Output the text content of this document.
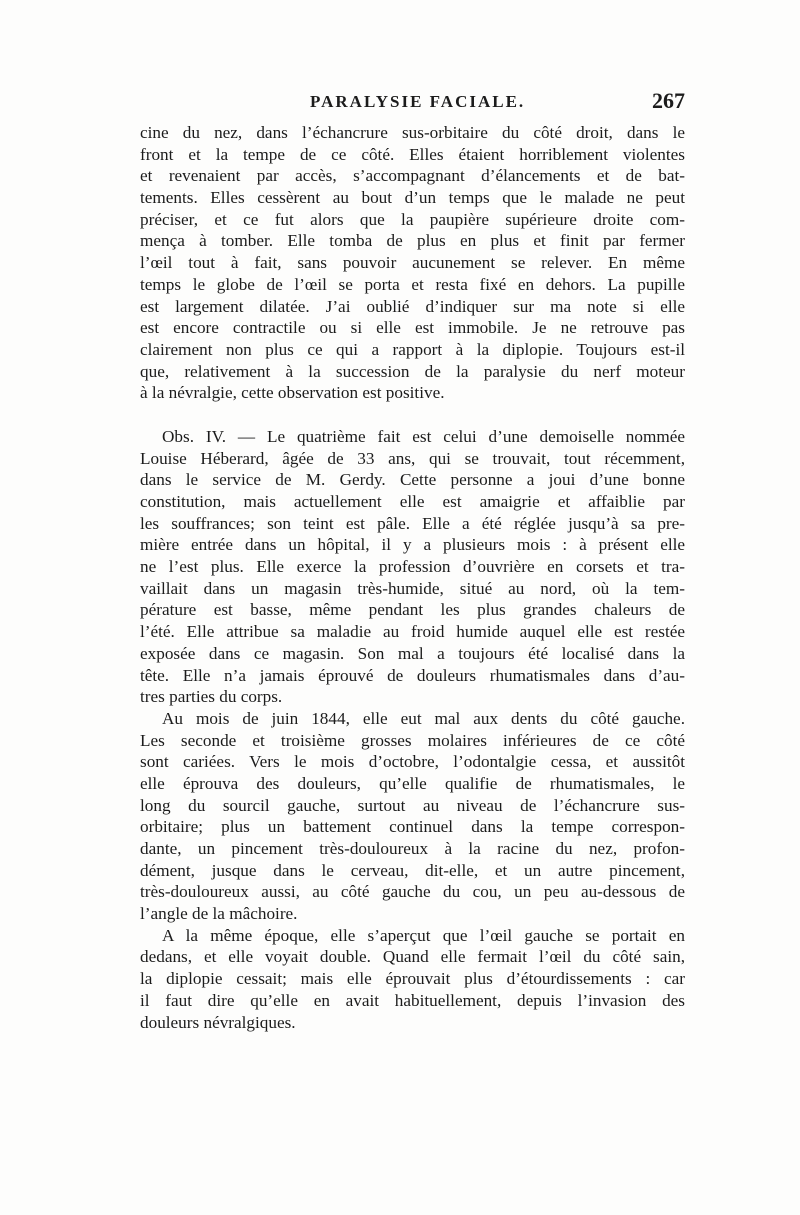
PARALYSIE FACIALE.	267
cine du nez, dans l’échancrure sus-orbitaire du côté droit, dans le
front et la tempe de ce côté. Elles étaient horriblement violentes
et revenaient par accès, s’accompagnant d’élancements et de bat-
tements. Elles cessèrent au bout d’un temps que le malade ne peut
préciser, et ce fut alors que la paupière supérieure droite com-
mença à tomber. Elle tomba de plus en plus et finit par fermer
l’œil tout à fait, sans pouvoir aucunement se relever. En même
temps le globe de l’œil se porta et resta fixé en dehors. La pupille
est largement dilatée. J’ai oublié d’indiquer sur ma note si elle
est encore contractile ou si elle est immobile. Je ne retrouve pas
clairement non plus ce qui a rapport à la diplopie. Toujours est-il
que, relativement à la succession de la paralysie du nerf moteur
à la névralgie, cette observation est positive.
Obs. IV. — Le quatrième fait est celui d’une demoiselle nommée
Louise Héberard, âgée de 33 ans, qui se trouvait, tout récemment,
dans le service de M. Gerdy. Cette personne a joui d’une bonne
constitution, mais actuellement elle est amaigrie et affaiblie par
les souffrances; son teint est pâle. Elle a été réglée jusqu’à sa pre-
mière entrée dans un hôpital, il y a plusieurs mois : à présent elle
ne l’est plus. Elle exerce la profession d’ouvrière en corsets et tra-
vaillait dans un magasin très-humide, situé au nord, où la tem-
pérature est basse, même pendant les plus grandes chaleurs de
l’été. Elle attribue sa maladie au froid humide auquel elle est restée
exposée dans ce magasin. Son mal a toujours été localisé dans la
tête. Elle n’a jamais éprouvé de douleurs rhumatismales dans d’au-
tres parties du corps.
Au mois de juin 1844, elle eut mal aux dents du côté gauche.
Les seconde et troisième grosses molaires inférieures de ce côté
sont cariées. Vers le mois d’octobre, l’odontalgie cessa, et aussitôt
elle éprouva des douleurs, qu’elle qualifie de rhumatismales, le
long du sourcil gauche, surtout au niveau de l’échancrure sus-
orbitaire; plus un battement continuel dans la tempe correspon-
dante, un pincement très-douloureux à la racine du nez, profon-
dément, jusque dans le cerveau, dit-elle, et un autre pincement,
très-douloureux aussi, au côté gauche du cou, un peu au-dessous de
l’angle de la mâchoire.
A la même époque, elle s’aperçut que l’œil gauche se portait en
dedans, et elle voyait double. Quand elle fermait l’œil du côté sain,
la diplopie cessait; mais elle éprouvait plus d’étourdissements : car
il faut dire qu’elle en avait habituellement, depuis l’invasion des
douleurs névralgiques.
